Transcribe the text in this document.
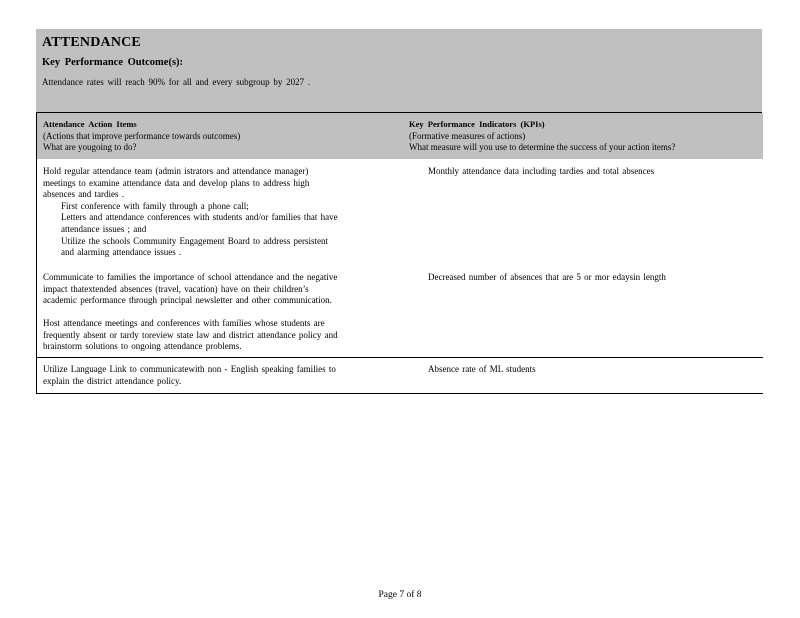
ATTENDANCE
Key Performance Outcome(s):
Attendance rates will reach 90% for all and every subgroup by 2027 .
Attendance Action Items
(Actions that improve performance towards outcomes)
What are yougoing to do?
Key Performance Indicators (KPIs)
(Formative measures of actions)
What measure will you use to determine the success of your action items?

Hold regular attendance team (admin istrators and attendance manager)

meetings to examine attendance data and develop plans to address high

absences and tardies .

First conference with family through a phone call;
Letters and attendance conferences with students and/or families that have

attendance issues ; and

Utilize the schools Community Engagement Board to address persistent

and alarming attendance issues .

Monthly attendance data including tardies and total absences

Communicate to families the importance of school attendance and the negative

impact thatextended absences (travel, vacation) have on their children’s

academic performance through principal newsletter and other communication.

Decreased number of absences that are 5 or mor edaysin length

Host attendance meetings and conferences with families whose students are

frequently absent or tardy toreview state law and district attendance policy and

brainstorm solutions to ongoing attendance problems.

Utilize Language Link to communicatewith non - English speaking families to

explain the district attendance policy.

Absence rate of ML students
Page 7 of 8
